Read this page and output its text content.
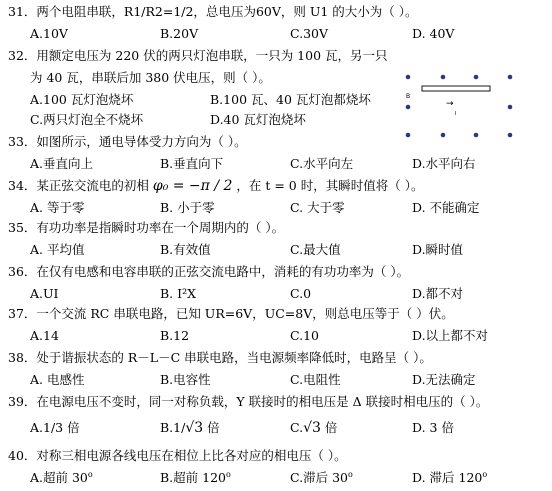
31．两个电阻串联，R1/R2=1/2，总电压为60V，则 U1 的大小为（ ）。
A.10V	B.20V	C.30V	D. 40V
32．用额定电压为 220 伏的两只灯泡串联，一只为 100 瓦，另一只
为 40 瓦，串联后加 380 伏电压，则（ ）。
A.100 瓦灯泡烧坏	B.100 瓦、40 瓦灯泡都烧坏
C.两只灯泡全不烧坏	D.40 瓦灯泡烧坏
B
→
I
33．如图所示，通电导体受力方向为（ ）。
A.垂直向上	B.垂直向下	C.水平向左	D.水平向右
34．某正弦交流电的初相 φ₀ = −π / 2 ，在 t = 0 时，其瞬时值将（ ）。
A. 等于零	B. 小于零	C. 大于零	D. 不能确定
35．有功功率是指瞬时功率在一个周期内的（ ）。
A. 平均值	B.有效值	C.最大值	D.瞬时值
36．在仅有电感和电容串联的正弦交流电路中，消耗的有功功率为（ ）。
A.UI	B. I²X	C.0	D.都不对
37．一个交流 RC 串联电路，已知 UR=6V，UC=8V，则总电压等于（ ）伏。
A.14	B.12	C.10	D.以上都不对
38．处于谐振状态的 R－L－C 串联电路，当电源频率降低时，电路呈（ ）。
A. 电感性	B.电容性	C.电阻性	D.无法确定
39．在电源电压不变时，同一对称负载，Y 联接时的相电压是 Δ 联接时相电压的（ ）。
A.1/3 倍	B.1/√3 倍	C.√3 倍	D. 3 倍
40．对称三相电源各线电压在相位上比各对应的相电压（ ）。
A.超前 30$^o$	B.超前 120$^o$	C.滞后 30$^o$	D. 滞后 120$^o$
